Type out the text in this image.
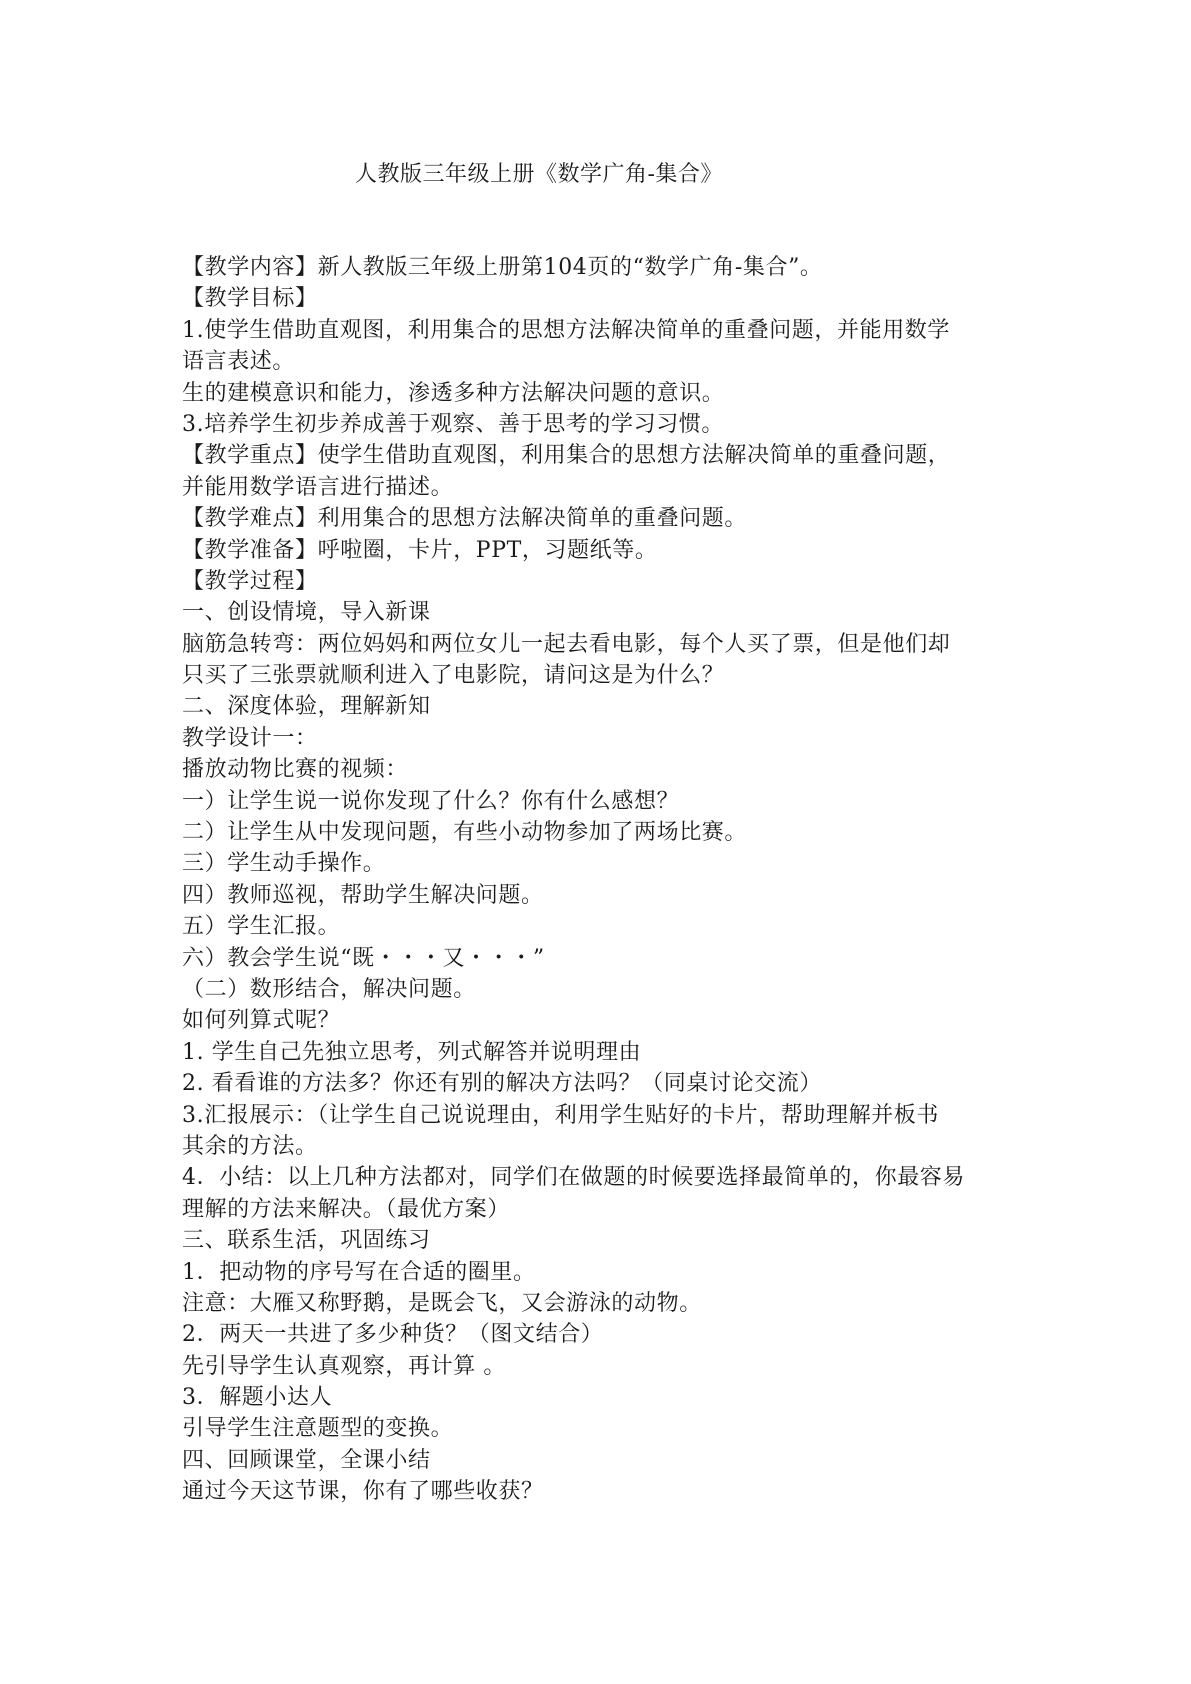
人教版三年级上册《数学广角-集合》
【教学内容】新人教版三年级上册第104页的“数学广角-集合”。
【教学目标】
1.使学生借助直观图，利用集合的思想方法解决简单的重叠问题，并能用数学
语言表述。
生的建模意识和能力，渗透多种方法解决问题的意识。
3.培养学生初步养成善于观察、善于思考的学习习惯。
【教学重点】使学生借助直观图，利用集合的思想方法解决简单的重叠问题，
并能用数学语言进行描述。
【教学难点】利用集合的思想方法解决简单的重叠问题。
【教学准备】呼啦圈，卡片，PPT，习题纸等。
【教学过程】
一、创设情境，导入新课
脑筋急转弯：两位妈妈和两位女儿一起去看电影，每个人买了票，但是他们却
只买了三张票就顺利进入了电影院，请问这是为什么？
二、深度体验，理解新知
教学设计一：
播放动物比赛的视频：
一）让学生说一说你发现了什么？你有什么感想？
二）让学生从中发现问题，有些小动物参加了两场比赛。
三）学生动手操作。
四）教师巡视，帮助学生解决问题。
五）学生汇报。
六）教会学生说“既・・・又・・・”
（二）数形结合，解决问题。
如何列算式呢？
1. 学生自己先独立思考，列式解答并说明理由
2. 看看谁的方法多？你还有别的解决方法吗？（同桌讨论交流）
3.汇报展示：（让学生自己说说理由，利用学生贴好的卡片，帮助理解并板书
其余的方法。
4．小结：以上几种方法都对，同学们在做题的时候要选择最简单的，你最容易
理解的方法来解决。（最优方案）
三、联系生活，巩固练习
1．把动物的序号写在合适的圈里。
注意：大雁又称野鹅，是既会飞，又会游泳的动物。
2．两天一共进了多少种货？（图文结合）
先引导学生认真观察，再计算 。
3．解题小达人
引导学生注意题型的变换。
四、回顾课堂，全课小结
通过今天这节课，你有了哪些收获？
